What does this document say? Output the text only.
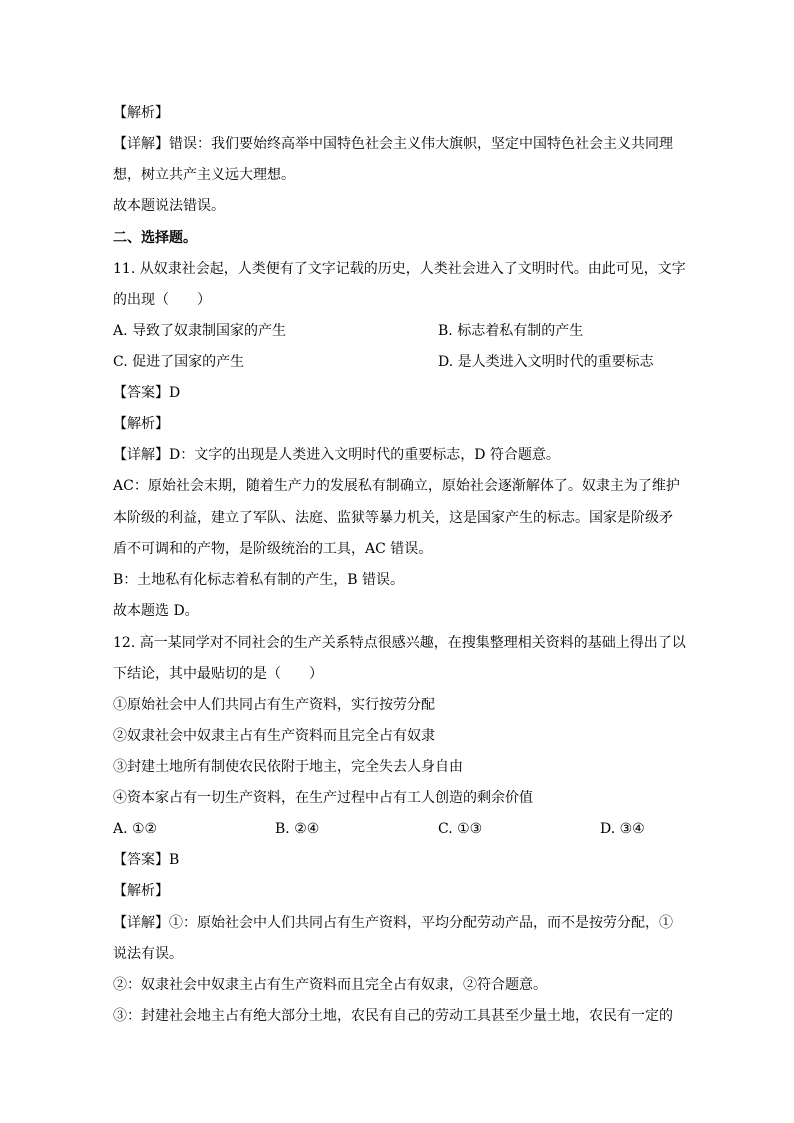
【解析】
【详解】错误：我们要始终高举中国特色社会主义伟大旗帜，坚定中国特色社会主义共同理
想，树立共产主义远大理想。
故本题说法错误。
二、选择题。
11. 从奴隶社会起，人类便有了文字记载的历史，人类社会进入了文明时代。由此可见，文字
的出现（　　）
A. 导致了奴隶制国家的产生	B. 标志着私有制的产生
C. 促进了国家的产生	D. 是人类进入文明时代的重要标志
【答案】D
【解析】
【详解】D：文字的出现是人类进入文明时代的重要标志，D 符合题意。
AC：原始社会末期，随着生产力的发展私有制确立，原始社会逐渐解体了。奴隶主为了维护
本阶级的利益，建立了军队、法庭、监狱等暴力机关，这是国家产生的标志。国家是阶级矛
盾不可调和的产物，是阶级统治的工具，AC 错误。
B：土地私有化标志着私有制的产生，B 错误。
故本题选 D。
12. 高一某同学对不同社会的生产关系特点很感兴趣，在搜集整理相关资料的基础上得出了以
下结论，其中最贴切的是（　　）
①原始社会中人们共同占有生产资料，实行按劳分配
②奴隶社会中奴隶主占有生产资料而且完全占有奴隶
③封建土地所有制使农民依附于地主，完全失去人身自由
④资本家占有一切生产资料，在生产过程中占有工人创造的剩余价值
A. ①②	B. ②④	C. ①③	D. ③④
【答案】B
【解析】
【详解】①：原始社会中人们共同占有生产资料，平均分配劳动产品，而不是按劳分配，①
说法有误。
②：奴隶社会中奴隶主占有生产资料而且完全占有奴隶，②符合题意。
③：封建社会地主占有绝大部分土地，农民有自己的劳动工具甚至少量土地，农民有一定的
